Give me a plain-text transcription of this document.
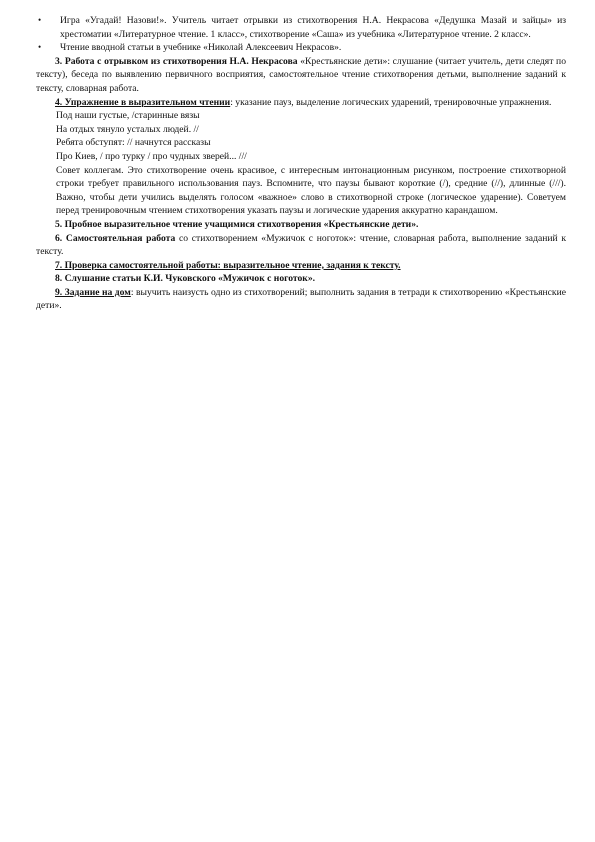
• Игра «Угадай! Назови!». Учитель читает отрывки из стихотворения Н.А. Некрасова «Дедушка Мазай и зайцы» из хрестоматии «Литературное чтение. 1 класс», стихотворение «Саша» из учебника «Литературное чтение. 2 класс».
• Чтение вводной статьи в учебнике «Николай Алексеевич Некрасов».
3. Работа с отрывком из стихотворения Н.А. Некрасова «Крестьянские дети»: слушание (читает учитель, дети следят по тексту), беседа по выявлению первичного восприятия, самостоятельное чтение стихотворения детьми, выполнение заданий к тексту, словарная работа.
4. Упражнение в выразительном чтении: указание пауз, выделение логических ударений, тренировочные упражнения.
Под наши густые, /старинные вязы
На отдых тянуло усталых людей. //
Ребята обступят: // начнутся рассказы
Про Киев, / про турку / про чудных зверей... ///
Совет коллегам. Это стихотворение очень красивое, с интересным интонационным рисунком, построение стихотворной строки требует правильного использования пауз. Вспомните, что паузы бывают короткие (/), средние (//), длинные (///). Важно, чтобы дети учились выделять голосом «важное» слово в стихотворной строке (логическое ударение). Советуем перед тренировочным чтением стихотворения указать паузы и логические ударения аккуратно карандашом.
5. Пробное выразительное чтение учащимися стихотворения «Крестьянские дети».
6. Самостоятельная работа со стихотворением «Мужичок с ноготок»: чтение, словарная работа, выполнение заданий к тексту.
7. Проверка самостоятельной работы: выразительное чтение, задания к тексту.
8. Слушание статьи К.И. Чуковского «Мужичок с ноготок».
9. Задание на дом: выучить наизусть одно из стихотворений; выполнить задания в тетради к стихотворению «Крестьянские дети».
